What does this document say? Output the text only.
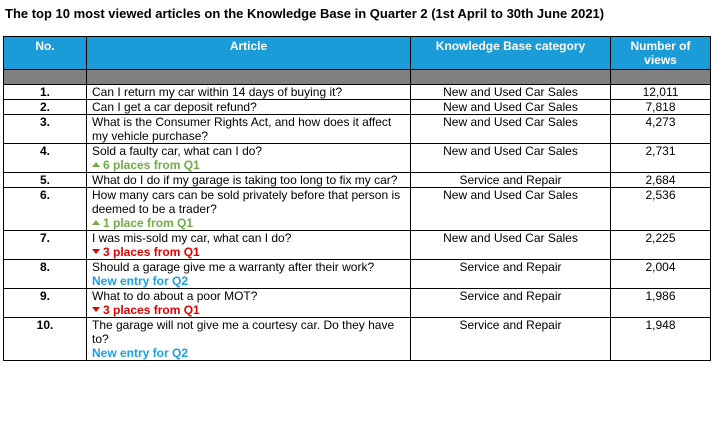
The top 10 most viewed articles on the Knowledge Base in Quarter 2 (1st April to 30th June 2021)
No.	Article	Knowledge Base category	Number of views

1.	Can I return my car within 14 days of buying it?	New and Used Car Sales	12,011
2.	Can I get a car deposit refund?	New and Used Car Sales	7,818
3.	What is the Consumer Rights Act, and how does it affect my vehicle purchase?	New and Used Car Sales	4,273
4.	Sold a faulty car, what can I do?
6 places from Q1	New and Used Car Sales	2,731
5.	What do I do if my garage is taking too long to fix my car?	Service and Repair	2,684
6.	How many cars can be sold privately before that person is deemed to be a trader?
1 place from Q1	New and Used Car Sales	2,536
7.	I was mis-sold my car, what can I do?
3 places from Q1	New and Used Car Sales	2,225
8.	Should a garage give me a warranty after their work?
New entry for Q2	Service and Repair	2,004
9.	What to do about a poor MOT?
3 places from Q1	Service and Repair	1,986
10.	The garage will not give me a courtesy car. Do they have to?
New entry for Q2	Service and Repair	1,948
